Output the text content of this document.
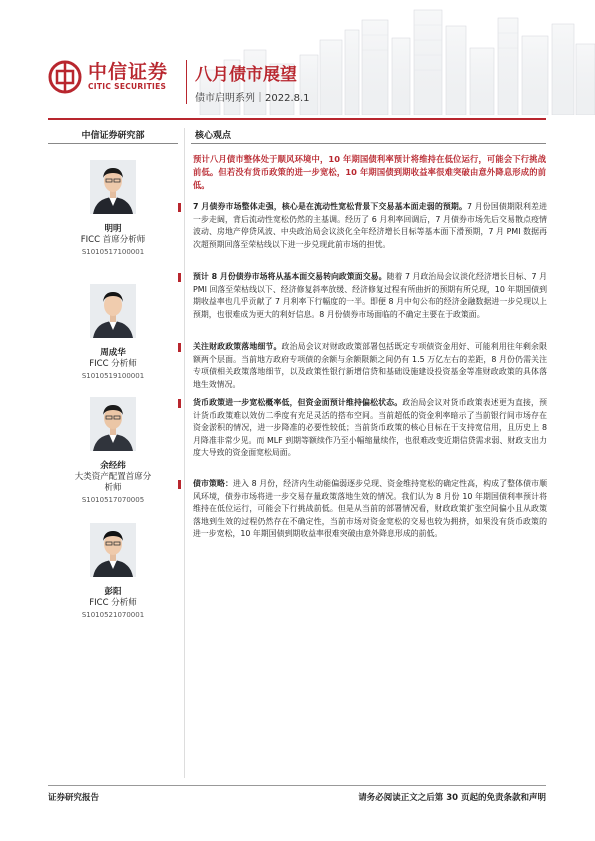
中信证券
CITIC SECURITIES
八月债市展望
债市启明系列｜2022.8.1
中信证券研究部	核心观点
明明
FICC 首席分析师
S1010517100001
周成华
FICC 分析师
S1010519100001
余经纬
大类资产配置首席分析师
S1010517070005
彭阳
FICC 分析师
S1010521070001
预计八月债市整体处于顺风环境中，10 年期国债利率预计将维持在低位运行，可能会下行挑战前低。但若没有货币政策的进一步宽松，10 年期国债到期收益率很难突破由意外降息形成的前低。
7 月债券市场整体走强，核心是在流动性宽松背景下交易基本面走弱的预期。7 月份国债期限利差进一步走阔，背后流动性宽松仍然的主基调。经历了 6 月利率回调后，7 月债券市场先后交易散点疫情波动、房地产停贷风波、中央政治局会议淡化全年经济增长目标等基本面下滑预期，7 月 PMI 数据再次超预期回落至荣枯线以下进一步兑现此前市场的担忧。
预计 8 月份债券市场将从基本面交易转向政策面交易。随着 7 月政治局会议淡化经济增长目标、7 月 PMI 回落至荣枯线以下、经济修复斜率放缓、经济修复过程有所曲折的预期有所兑现，10 年期国债到期收益率也几乎贡献了 7 月利率下行幅度的一半。即便 8 月中旬公布的经济金融数据进一步兑现以上预期，也很难成为更大的利好信息。8 月份债券市场面临的不确定主要在于政策面。
关注财政政策落地细节。政治局会议对财政政策部署包括既定专项债资金用好、可能利用往年剩余限额两个层面。当前地方政府专项债的余额与余额限额之间仍有 1.5 万亿左右的差距，8 月份仍需关注专项债相关政策落地细节，以及政策性银行新增信贷和基础设施建设投资基金等准财政政策的具体落地生效情况。
货币政策进一步宽松概率低，但资金面预计维持偏松状态。政治局会议对货币政策表述更为直接，预计货币政策难以效仿二季度有充足灵活的搭布空间。当前超低的资金利率暗示了当前银行间市场存在资金淤积的情况，进一步降准的必要性较低；当前货币政策的核心目标在于支持宽信用，且历史上 8 月降准非常少见。而 MLF 到期等额续作乃至小幅缩量续作，也很难改变近期信贷需求弱、财政支出力度大导致的资金面宽松局面。
债市策略：进入 8 月份，经济内生动能偏弱逐步兑现、资金维持宽松的确定性高，构成了整体债市顺风环境，债券市场将进一步交易存量政策落地生效的情况。我们认为 8 月份 10 年期国债利率预计将维持在低位运行，可能会下行挑战前低。但是从当前的部署情况看，财政政策扩张空间偏小且从政策落地到生效的过程仍然存在不确定性，当前市场对资金宽松的交易也较为拥挤，如果没有货币政策的进一步宽松，10 年期国债到期收益率很难突破由意外降息形成的前低。
证券研究报告	请务必阅读正文之后第 30 页起的免责条款和声明
